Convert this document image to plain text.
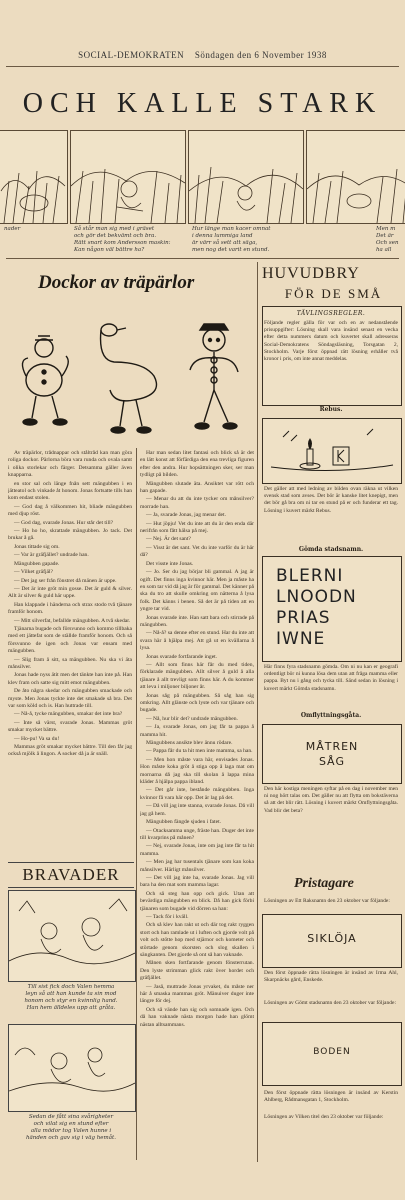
SOCIAL-DEMOKRATEN Söndagen den 6 November 1938
OCH KALLE STARK
nader	Så står man sig med i gräset
och gör det bekvämt och bra.
Rätt snart kom Andersson maskin:
Kan någon väl bättre ha?
Hur länge man kacer omnat
i denna lummiga land
är värr så sett att säga,
men nog det varit en stund.
Men m
Det är
Och sen
ha all
Dockor av träpärlor

Av träpärlor, trådnappar och ståltråd kan man göra roliga dockor. Pärlorna böra vara runda och ovala samt i olika storlekar och färger. Detsamma gäller även knapparna.

en stor sal och länge fnån sett mängubben i en jätteatol och vinkade åt honom. Jonas fortsatte tills han kom endast stolen.

— God dag å välkommen hit, bliade mängubben med djup röst.

— God dag, svarade Jonas. Hur står det till?

— Ho ho ho, skrattade mängubben. Jo tack. Det brukar å gå.

Jonas tittade sig om.

— Var är gräfjället? undrade han.

Mängubben gapade.

— Vilket gräfjäl?

— Det jag ser från fönstret då mänen är uppe.

— Det är inte gröt min gosse. Det är guld & silver. Allt är silver & guld här uppe.

Han klappade i händerna och strax stodo två tjänare framför honom.

— Mitt silverfat, befallde mängubben. A två skedar.

Tjänarna bugade och försvunno och kommo tillbaka med ett jättefat som de ställde framför honom. Och så försvunno de igen och Jonas var ensam med mängubben.

— Slig fram å sitt, sa mängubben. Nu ska vi äta månsilver.

Jonas hade nyss ätit men det tänkte han inte på. Han klev fram och satte sig mitt emot mängubben.

De åto några skedar och mängubben smackade och myste. Men Jonas tyckte inte det smakade så bra. Det var som köld och is. Han huttrade till.

— Nå-å, tycke mängubben, smakar det inte bra?

— Inte så värst, svarade Jonas. Mammas gröt smakar mycket bättre.

— Ho-pu! Va sa du!

Mammas gröt smakar mycket bättre. Till den får jag också mjölk å lingon. A socker då ja är snäll.

Har man sedan litet fantasi och blick så är det en lätt konst att förfärdiga den ena trevliga figuren efter den andra. Hur hopsättningen sker, ser man tydligt på bilden.

Mängubben slutade äta. Ansiktet var rött och han gapade.

— Menar du att du inte tycker om månsilver? morrade han.

— Ja, svarade Jonas, jag menar det.

— Hut jöpju! Vet du inte att du är den enda där nerifrån som fått hälsa på mej.

— Nej. Är det sant?

— Visst är det sant. Vet du inte varför du är här då?

Det visste inte Jonas.

— Jo. Ser du jag börjar bli gammal. A jag är ogift. Det finns inga kvinnor här. Men ja måste ha en som tar vid då jag är för gammal. Det känner på ska du tro att skulle omkring om nätterna å lysa folk. Det känns i benen. Så det är på tiden att en yngre tar vid.

Jonas svarade inte. Han satt bara och stirrade på mängubben.

— Nå-å? sa denne efter en stund. Har du inte att svara här å hjälpa mej. Att gå ut en kvällarna å lysa.

Jonas svarade fortfarande inget.

— Allt som finns här får du med tiden, förklarade mängubben. Allt silver å guld å alla tjänare å allt trevligt som finns här. A du kommer att leva i miljoner biljoner år.

Jonas såg på mängubben. Så såg han sig omkring. Allt glänste och lyste och var tjänare och bugade.

— Nå, hur blir det? undrade mängubben.

— Ja, svarade Jonas, om jag får ta pappa å mamma hit.

Mängubbens ansikte blev ännu rödare.

— Pappa får du ta hit men inte mamma, sa han.

— Men hon måste vara här, envisades Jonas. Hon måste koka gröt å stiga opp å laga mat om mornarna då jag ska till skolan å lappa mina kläder å hjälpa pappa ibland.

— Det går inte, bestånde mängubben. Inga kvinnor få vara här opp. Det är lag på det.

— Då vill jag inte stanna, svarade Jonas. Då vill jag gå hem.

Mängubben fängde sjuden i fatet.

— Otacksamma unge, fräste han. Duger det inte till kvarprins på månen?

— Nej, svarade Jonas, inte om jag inte får ta hit mamma.

— Men jag har tusentals tjänare som kan koka månsilver. Härligt månsilver.

— Det vill jag inte ha, svarade Jonas. Jag vill bara ha den mat som mamma lagar.

Och så steg han opp och gick. Utan att bevärdiga mängubben en blick. Då han gick förbi tjänaren som bugade vid dörren sa han:

— Tack för i kväll.

Och så klev han rakt ut och där tog rakt ryggen stort och han ramlade ut i luften och gjorde volt på volt och stötte hop med stjärnor och kometer och störtade genom skorsten och slog skallen i sängkanten. Det gjorde så ont så han vaknade.

Månen sken fortfarande genom fönsterrutan. Den lyste strimman glick rakt över hordet och gräfjället.

— Jaså, muttrade Jonas yrvaket, du måste ner här å smaska mammas gröt. Mänuiver duger inte längre för dej.

Och så vände han sig och somnade igen. Och då han vaknade nästa morgon hade han glömt nästan alltsammans.

BRAVADER
Till sist fick doch Valen hemma
leyn så att han kunde ta sin mod
honom och styr en kvinnlig hand.
Han hem älldeles upp att gråta.
Sedan de fått sina svårigheter
och vilat sig en stund efter
alla mödor tog Valen hunne i
händen och gav sig i väg hemåt.
HUVUDBRY
FÖR DE SMÅ
TÄVLINGSREGLER.
Följande regler gälla för var och en av nedanstående prisuppgifter: Lösning skall vara insänd senast en vecka efter detta nummers datum och kuvertet skall adresseras Social-Demokratens Söndagsläsning, Torsgatan 2, Stockholm. Varje först öppnad rätt lösning erhåller två kronor i pris, om inte annat meddelas.
Rebus.
Det gäller att med ledning av bilden ovan räkna ut vilken svensk stad som avses. Det bör är kanske litet knepigt, men det bör gå bra om ni tar en stund på er och funderar ett tag. Lösning i kuvert märkt Rebus.
Gömda stadsnamn.
BLERNI
LNOODN
PRIAS
IWNE
Här finns fyra stadsnamn gömda. Om ni nu kan er geografi ordentligt bör ni kunna lösa dem utan att fråga mamma eller pappa. Byt nu i gång och tycka till. Sänd sedan in lösning i kuvert märkt Gömda stadsnamn.
Omflyttningsgåta.
MÅTREN
SÅG
Den här kostiga meningen syftar på en dag i november men ni nog hört talas om. Det gäller nu att flytta om bokstäverna så att det blir rätt. Lösning i kuvert märkt Omflyttningsgåta. Vad blir det beta?
Pristagare
Lösningen av Ett Raksnamn den 23 oktober var följande:
SIKLÖJA
Den först öppnade rätta lösningen är insänd av Irma Ahl, Skarpnäcks gård, Enskede.
Lösningen av Gömt stadsnamn den 23 oktober var följande:
BODEN
Den först öppnade rätta lösningen är insänd av Kerstin Ahlberg, Rådmansgatan 1, Stockholm.
Lösningen av Vilken titel den 23 oktober var följande:
